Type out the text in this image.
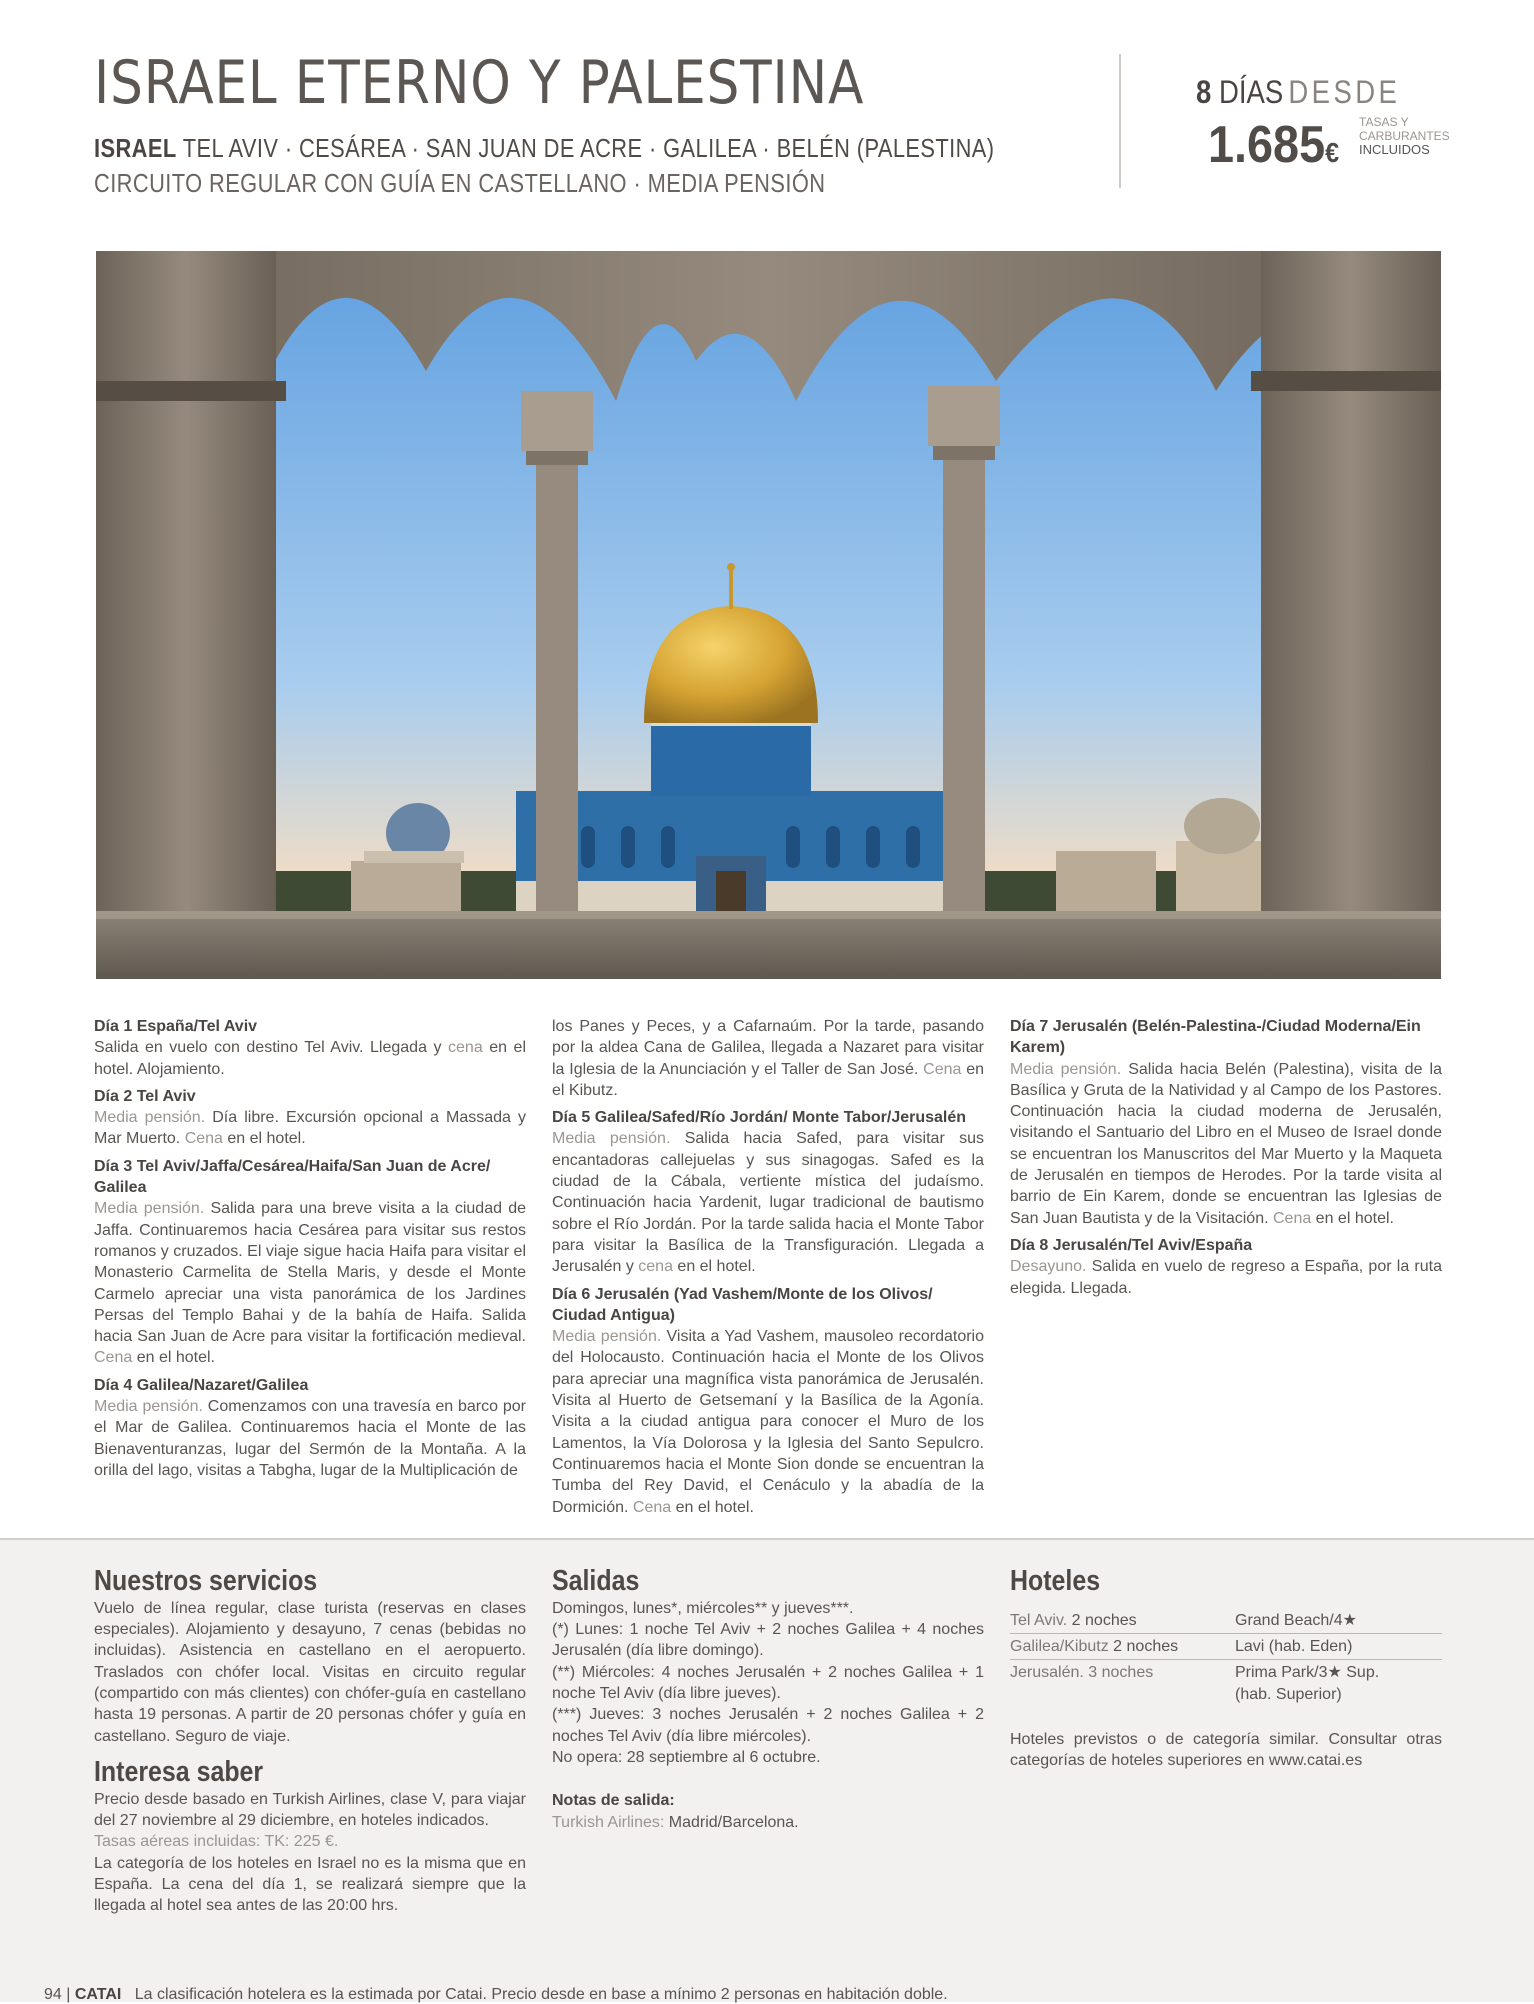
ISRAEL ETERNO Y PALESTINA
ISRAEL TEL AVIV · CESÁREA · SAN JUAN DE ACRE · GALILEA · BELÉN (PALESTINA)
CIRCUITO REGULAR CON GUÍA EN CASTELLANO · MEDIA PENSIÓN
8 DÍAS DESDE
1.685€
TASAS Y
CARBURANTES
INCLUIDOS
Día 1 España/Tel Aviv
Salida en vuelo con destino Tel Aviv. Llegada y cena en el hotel. Alojamiento.
Día 2 Tel Aviv
Media pensión. Día libre. Excursión opcional a Massada y Mar Muerto. Cena en el hotel.
Día 3 Tel Aviv/Jaffa/Cesárea/Haifa/San Juan de Acre/ Galilea
Media pensión. Salida para una breve visita a la ciudad de Jaffa. Continuaremos hacia Cesárea para visitar sus restos romanos y cruzados. El viaje sigue hacia Haifa para visitar el Monasterio Carmelita de Stella Maris, y desde el Monte Carmelo apreciar una vista panorámica de los Jardines Persas del Templo Bahai y de la bahía de Haifa. Salida hacia San Juan de Acre para visitar la fortificación medieval. Cena en el hotel.
Día 4 Galilea/Nazaret/Galilea
Media pensión. Comenzamos con una travesía en barco por el Mar de Galilea. Continuaremos hacia el Monte de las Bienaventuranzas, lugar del Sermón de la Montaña. A la orilla del lago, visitas a Tabgha, lugar de la Multiplicación de
los Panes y Peces, y a Cafarnaúm. Por la tarde, pasando por la aldea Cana de Galilea, llegada a Nazaret para visitar la Iglesia de la Anunciación y el Taller de San José. Cena en el Kibutz.
Día 5 Galilea/Safed/Río Jordán/ Monte Tabor/Jerusalén
Media pensión. Salida hacia Safed, para visitar sus encantadoras callejuelas y sus sinagogas. Safed es la ciudad de la Cábala, vertiente mística del judaísmo. Continuación hacia Yardenit, lugar tradicional de bautismo sobre el Río Jordán. Por la tarde salida hacia el Monte Tabor para visitar la Basílica de la Transfiguración. Llegada a Jerusalén y cena en el hotel.
Día 6 Jerusalén (Yad Vashem/Monte de los Olivos/ Ciudad Antigua)
Media pensión. Visita a Yad Vashem, mausoleo recordatorio del Holocausto. Continuación hacia el Monte de los Olivos para apreciar una magnífica vista panorámica de Jerusalén. Visita al Huerto de Getsemaní y la Basílica de la Agonía. Visita a la ciudad antigua para conocer el Muro de los Lamentos, la Vía Dolorosa y la Iglesia del Santo Sepulcro. Continuaremos hacia el Monte Sion donde se encuentran la Tumba del Rey David, el Cenáculo y la abadía de la Dormición. Cena en el hotel.
Día 7 Jerusalén (Belén-Palestina-/Ciudad Moderna/Ein Karem)
Media pensión. Salida hacia Belén (Palestina), visita de la Basílica y Gruta de la Natividad y al Campo de los Pastores. Continuación hacia la ciudad moderna de Jerusalén, visitando el Santuario del Libro en el Museo de Israel donde se encuentran los Manuscritos del Mar Muerto y la Maqueta de Jerusalén en tiempos de Herodes. Por la tarde visita al barrio de Ein Karem, donde se encuentran las Iglesias de San Juan Bautista y de la Visitación. Cena en el hotel.
Día 8 Jerusalén/Tel Aviv/España
Desayuno. Salida en vuelo de regreso a España, por la ruta elegida. Llegada.
Nuestros servicios

Vuelo de línea regular, clase turista (reservas en clases especiales). Alojamiento y desayuno, 7 cenas (bebidas no incluidas). Asistencia en castellano en el aeropuerto. Traslados con chófer local. Visitas en circuito regular (compartido con más clientes) con chófer-guía en castellano hasta 19 personas. A partir de 20 personas chófer y guía en castellano. Seguro de viaje.

Interesa saber

Precio desde basado en Turkish Airlines, clase V, para viajar del 27 noviembre al 29 diciembre, en hoteles indicados.

Tasas aéreas incluidas: TK: 225 €.

La categoría de los hoteles en Israel no es la misma que en España. La cena del día 1, se realizará siempre que la llegada al hotel sea antes de las 20:00 hrs.

Salidas

Domingos, lunes*, miércoles** y jueves***.

(*) Lunes: 1 noche Tel Aviv + 2 noches Galilea + 4 noches Jerusalén (día libre domingo).

(**) Miércoles: 4 noches Jerusalén + 2 noches Galilea + 1 noche Tel Aviv (día libre jueves).

(***) Jueves: 3 noches Jerusalén + 2 noches Galilea + 2 noches Tel Aviv (día libre miércoles).

No opera: 28 septiembre al 6 octubre.

Notas de salida:

Turkish Airlines: Madrid/Barcelona.

Hoteles
Tel Aviv. 2 noches	Grand Beach/4★
Galilea/Kibutz 2 noches	Lavi (hab. Eden)
Jerusalén. 3 noches	Prima Park/3★ Sup.
(hab. Superior)

Hoteles previstos o de categoría similar. Consultar otras categorías de hoteles superiores en www.catai.es

94 | CATAI La clasificación hotelera es la estimada por Catai. Precio desde en base a mínimo 2 personas en habitación doble.
